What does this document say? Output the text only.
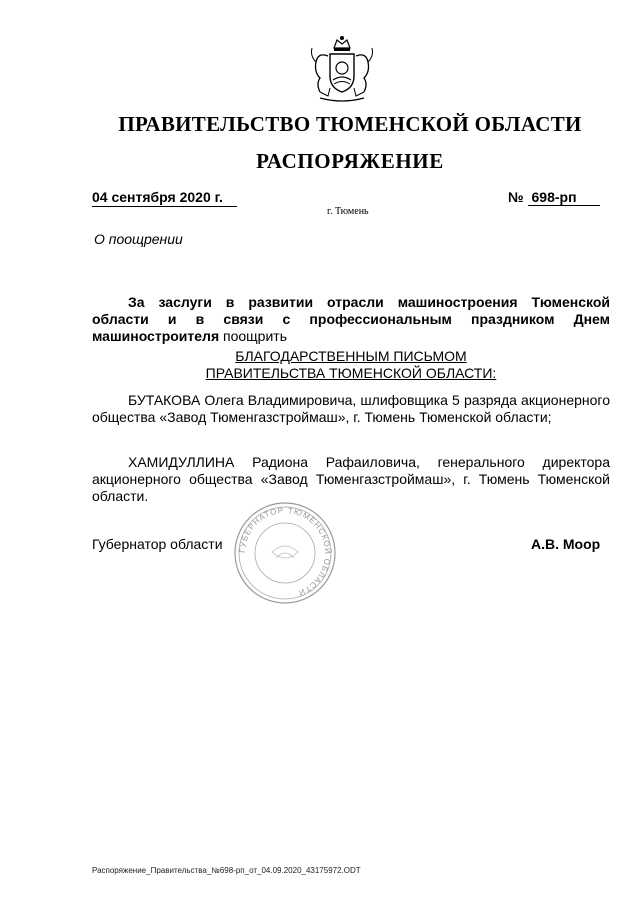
ПРАВИТЕЛЬСТВО ТЮМЕНСКОЙ ОБЛАСТИ
РАСПОРЯЖЕНИЕ
04 сентября 2020 г.	№ 698-рп
г. Тюмень
О поощрении
За заслуги в развитии отрасли машиностроения Тюменской области и в связи с профессиональным праздником Днем машиностроителя поощрить
БЛАГОДАРСТВЕННЫМ ПИСЬМОМ
ПРАВИТЕЛЬСТВА ТЮМЕНСКОЙ ОБЛАСТИ:
БУТАКОВА Олега Владимировича, шлифовщика 5 разряда акционерного общества «Завод Тюменгазстроймаш», г. Тюмень Тюменской области;
ХАМИДУЛЛИНА Радиона Рафаиловича, генерального директора акционерного общества «Завод Тюменгазстроймаш», г. Тюмень Тюменской области.
ГУБЕРНАТОР ТЮМЕНСКОЙ ОБЛАСТИ
Губернатор области	А.В. Моор
Распоряжение_Правительства_№698-рп_от_04.09.2020_43175972.ODT
